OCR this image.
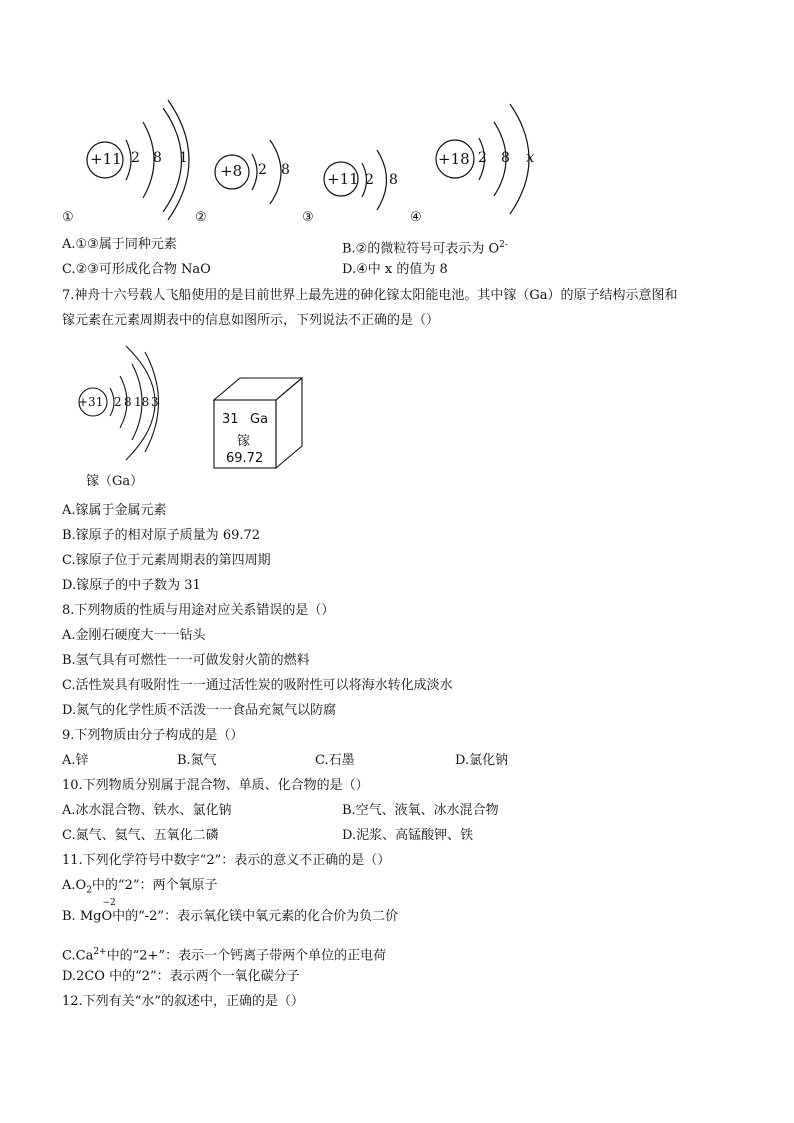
+11 2 8 1
+8 2 8 +11 2 8
+18 2 8 x
①	②	③	④
A.①③属于同种元素	B.②的微粒符号可表示为 $O^{2-}$
C.②③可形成化合物 NaO	D.④中 x 的值为 8
7.神舟十六号载人飞船使用的是目前世界上最先进的砷化镓太阳能电池。其中镓（Ga）的原子结构示意图和
镓元素在元素周期表中的信息如图所示，下列说法不正确的是（）
+31 2 8 18 3
镓（Ga）
31 Ga
镓
69.72
A.镓属于金属元素
B.镓原子的相对原子质量为 69.72
C.镓原子位于元素周期表的第四周期
D.镓原子的中子数为 31
8.下列物质的性质与用途对应关系错误的是（）
A.金刚石硬度大一一钻头
B.氢气具有可燃性一一可做发射火箭的燃料
C.活性炭具有吸附性一一通过活性炭的吸附性可以将海水转化成淡水
D.氮气的化学性质不活泼一一食品充氮气以防腐
9.下列物质由分子构成的是（）
A.锌	B.氮气	C.石墨	D.氯化钠
10.下列物质分别属于混合物、单质、化合物的是（）
A.冰水混合物、铁水、氯化钠	B.空气、液氧、冰水混合物
C.氮气、氦气、五氧化二磷	D.泥浆、高锰酸钾、铁
11.下列化学符号中数字“2”：表示的意义不正确的是（）
$A.O_2$中的“2”：两个氧原子
B. Mg
−2
O中的“-2”：表示氧化镁中氧元素的化合价为负二价
$C.Ca^{2+}$中的“2+”：表示一个钙离子带两个单位的正电荷
D.2CO 中的“2”：表示两个一氧化碳分子
12.下列有关“水”的叙述中，正确的是（）
